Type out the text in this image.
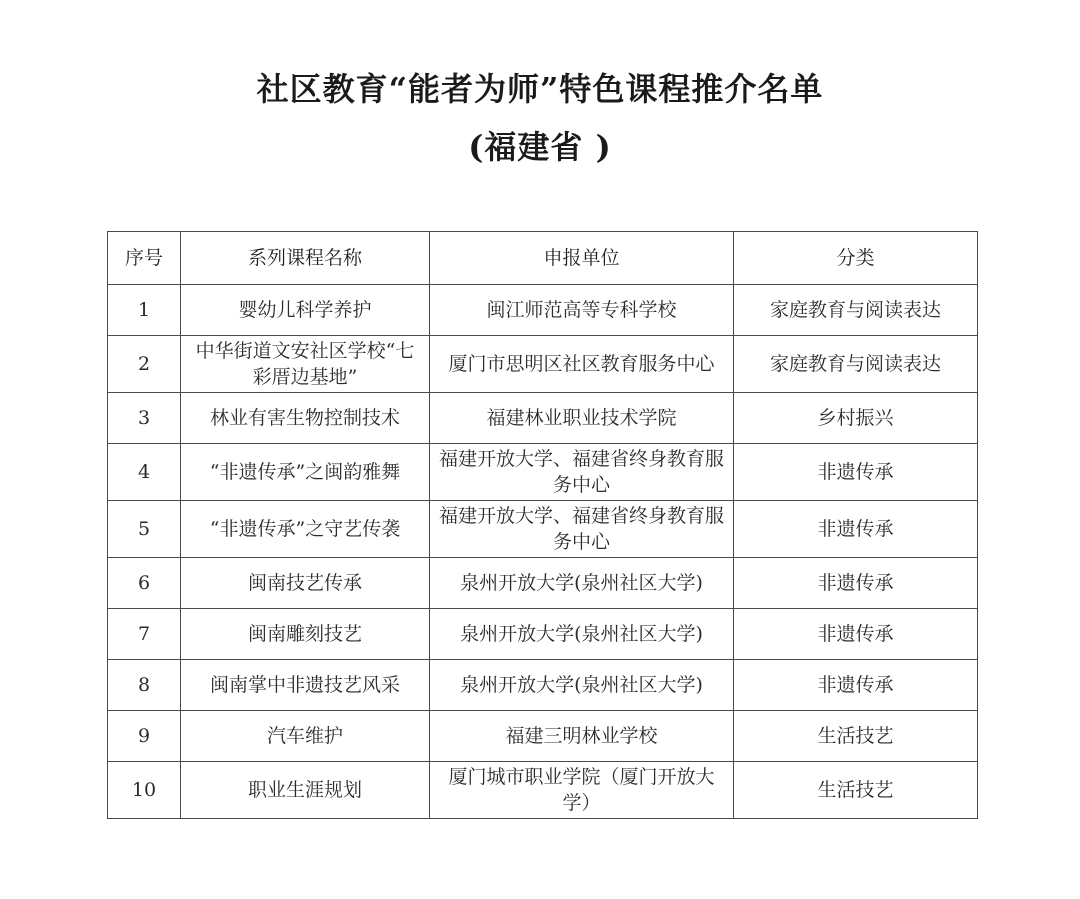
社区教育“能者为师”特色课程推介名单
(福建省 )
序号	系列课程名称	申报单位	分类
1	婴幼儿科学养护	闽江师范高等专科学校	家庭教育与阅读表达
2	中华街道文安社区学校“七彩厝边基地”	厦门市思明区社区教育服务中心	家庭教育与阅读表达
3	林业有害生物控制技术	福建林业职业技术学院	乡村振兴
4	“非遗传承”之闽韵雅舞	福建开放大学、福建省终身教育服务中心	非遗传承
5	“非遗传承”之守艺传袭	福建开放大学、福建省终身教育服务中心	非遗传承
6	闽南技艺传承	泉州开放大学(泉州社区大学)	非遗传承
7	闽南雕刻技艺	泉州开放大学(泉州社区大学)	非遗传承
8	闽南掌中非遗技艺风采	泉州开放大学(泉州社区大学)	非遗传承
9	汽车维护	福建三明林业学校	生活技艺
10	职业生涯规划	厦门城市职业学院（厦门开放大学）	生活技艺
